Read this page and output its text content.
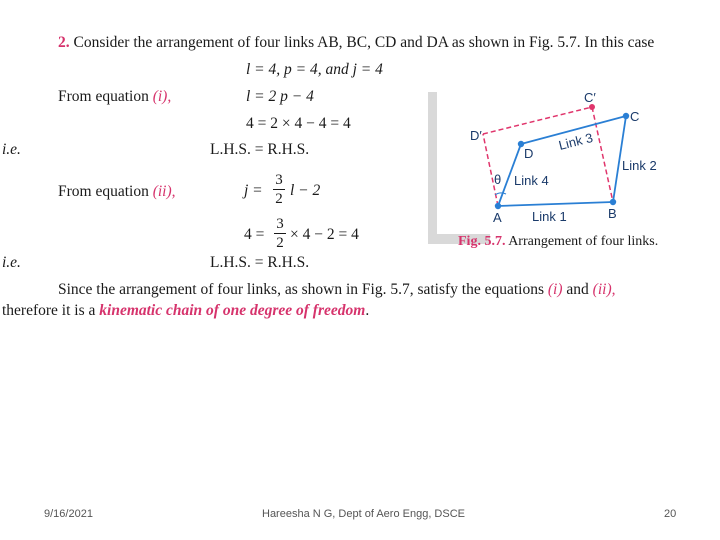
2. Consider the arrangement of four links AB, BC, CD and DA as shown in Fig. 5.7. In this case
l = 4, p = 4, and j = 4
From equation (i),	l = 2 p − 4
4 = 2 × 4 − 4 = 4
i.e.	L.H.S. = R.H.S.
From equation (ii),	j =
3
2 l − 2
4 =
3
2 × 4 − 2 = 4
i.e.	L.H.S. = R.H.S.
Since the arrangement of four links, as shown in Fig. 5.7, satisfy the equations (i) and (ii),
therefore it is a kinematic chain of one degree of freedom.
A	B
C
D
C′
D′
θ
Link 1
Link 2
Link 3
Link 4
Fig. 5.7. Arrangement of four links.
9/16/2021	Hareesha N G, Dept of Aero Engg, DSCE	20
